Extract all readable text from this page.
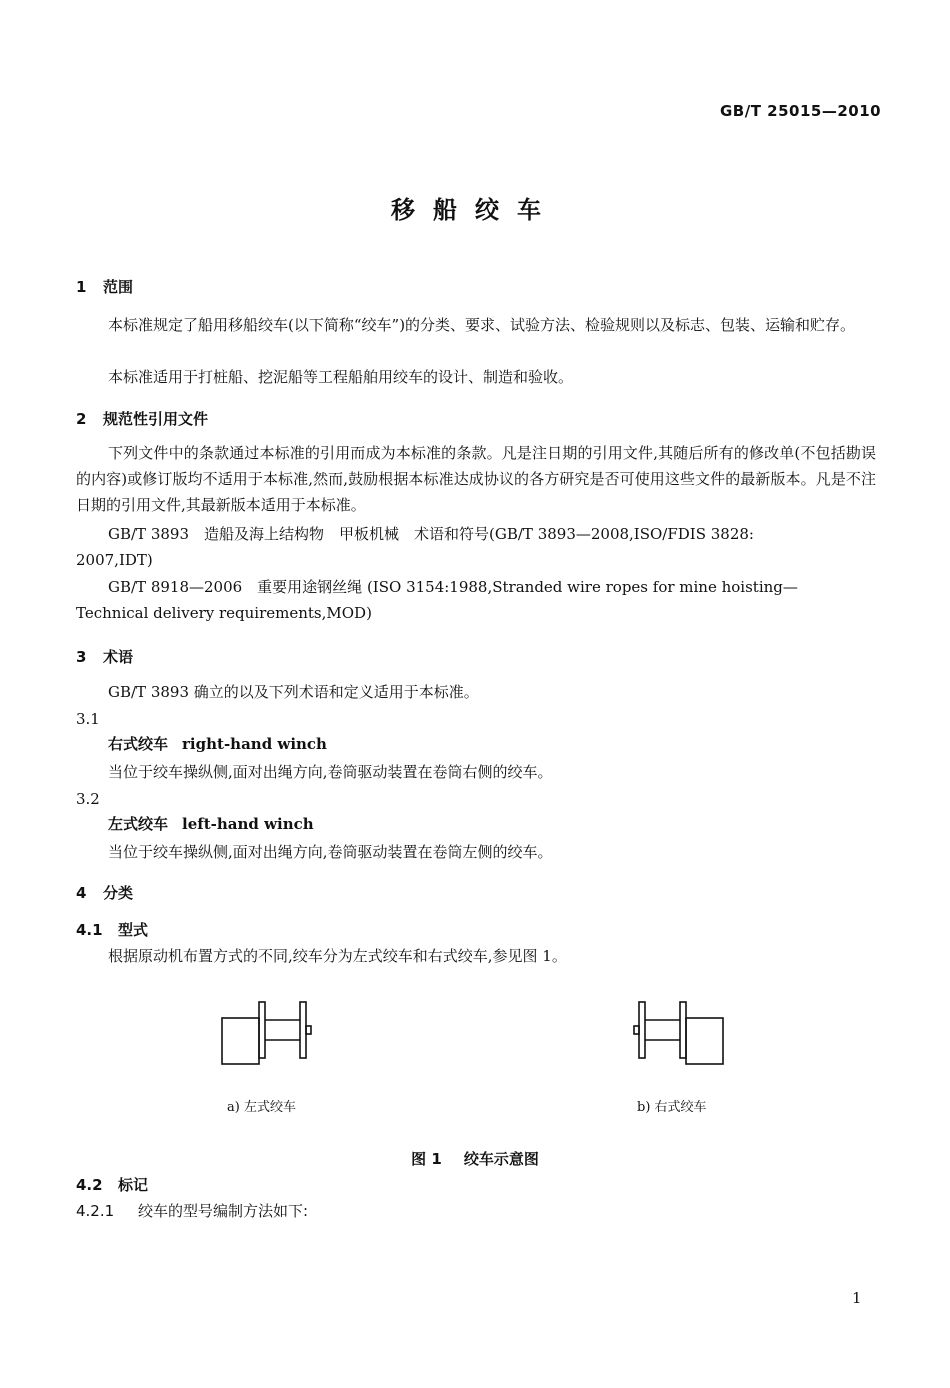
GB/T 25015—2010
移船绞车
1 范围
本标准规定了船用移船绞车(以下简称“绞车”)的分类、要求、试验方法、检验规则以及标志、包装、运输和贮存。
本标准适用于打桩船、挖泥船等工程船舶用绞车的设计、制造和验收。
2 规范性引用文件
下列文件中的条款通过本标准的引用而成为本标准的条款。凡是注日期的引用文件,其随后所有的修改单(不包括勘误的内容)或修订版均不适用于本标准,然而,鼓励根据本标准达成协议的各方研究是否可使用这些文件的最新版本。凡是不注日期的引用文件,其最新版本适用于本标准。
GB/T 3893　造船及海上结构物　甲板机械　术语和符号(GB/T 3893—2008,ISO/FDIS 3828:
2007,IDT)
GB/T 8918—2006　重要用途钢丝绳 (ISO 3154:1988,Stranded wire ropes for mine hoisting—
Technical delivery requirements,MOD)
3 术语
GB/T 3893 确立的以及下列术语和定义适用于本标准。
3.1
右式绞车 right-hand winch
当位于绞车操纵侧,面对出绳方向,卷筒驱动装置在卷筒右侧的绞车。
3.2
左式绞车 left-hand winch
当位于绞车操纵侧,面对出绳方向,卷筒驱动装置在卷筒左侧的绞车。
4 分类
4.1 型式
根据原动机布置方式的不同,绞车分为左式绞车和右式绞车,参见图 1。
a) 左式绞车	b) 右式绞车
图 1 绞车示意图
4.2 标记
4.2.1 绞车的型号编制方法如下:
1
